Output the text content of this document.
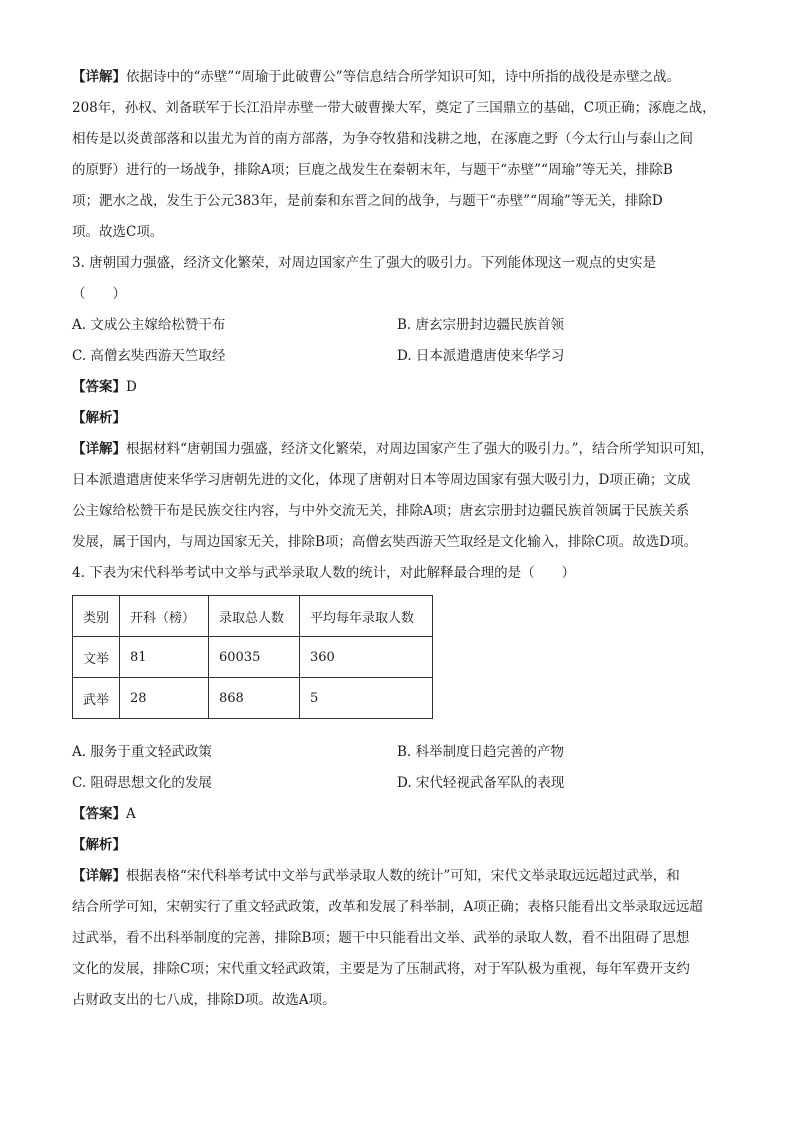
【详解】依据诗中的“赤壁”“周瑜于此破曹公”等信息结合所学知识可知，诗中所指的战役是赤壁之战。

208年，孙权、刘备联军于长江沿岸赤壁一带大破曹操大军，奠定了三国鼎立的基础，C项正确；涿鹿之战，

相传是以炎黄部落和以蚩尤为首的南方部落，为争夺牧猎和浅耕之地，在涿鹿之野（今太行山与泰山之间

的原野）进行的一场战争，排除A项；巨鹿之战发生在秦朝末年，与题干“赤壁”“周瑜”等无关，排除B

项；淝水之战，发生于公元383年，是前秦和东晋之间的战争，与题干“赤壁”“周瑜”等无关，排除D

项。故选C项。

3. 唐朝国力强盛，经济文化繁荣，对周边国家产生了强大的吸引力。下列能体现这一观点的史实是

（　　）

A. 文成公主嫁给松赞干布	B. 唐玄宗册封边疆民族首领
C. 高僧玄奘西游天竺取经	D. 日本派遣遣唐使来华学习

【答案】D

【解析】

【详解】根据材料“唐朝国力强盛，经济文化繁荣，对周边国家产生了强大的吸引力。”，结合所学知识可知，

日本派遣遣唐使来华学习唐朝先进的文化，体现了唐朝对日本等周边国家有强大吸引力，D项正确；文成

公主嫁给松赞干布是民族交往内容，与中外交流无关，排除A项；唐玄宗册封边疆民族首领属于民族关系

发展，属于国内，与周边国家无关，排除B项；高僧玄奘西游天竺取经是文化输入，排除C项。故选D项。

4. 下表为宋代科举考试中文举与武举录取人数的统计，对此解释最合理的是（　　）

类别	开科（榜）	录取总人数	平均每年录取人数
文举	81	60035	360
武举	28	868	5
A. 服务于重文轻武政策	B. 科举制度日趋完善的产物
C. 阻碍思想文化的发展	D. 宋代轻视武备军队的表现

【答案】A

【解析】

【详解】根据表格“宋代科举考试中文举与武举录取人数的统计”可知，宋代文举录取远远超过武举，和

结合所学可知，宋朝实行了重文轻武政策，改革和发展了科举制，A项正确；表格只能看出文举录取远远超

过武举，看不出科举制度的完善，排除B项；题干中只能看出文举、武举的录取人数，看不出阻碍了思想

文化的发展，排除C项；宋代重文轻武政策，主要是为了压制武将，对于军队极为重视，每年军费开支约

占财政支出的七八成，排除D项。故选A项。
